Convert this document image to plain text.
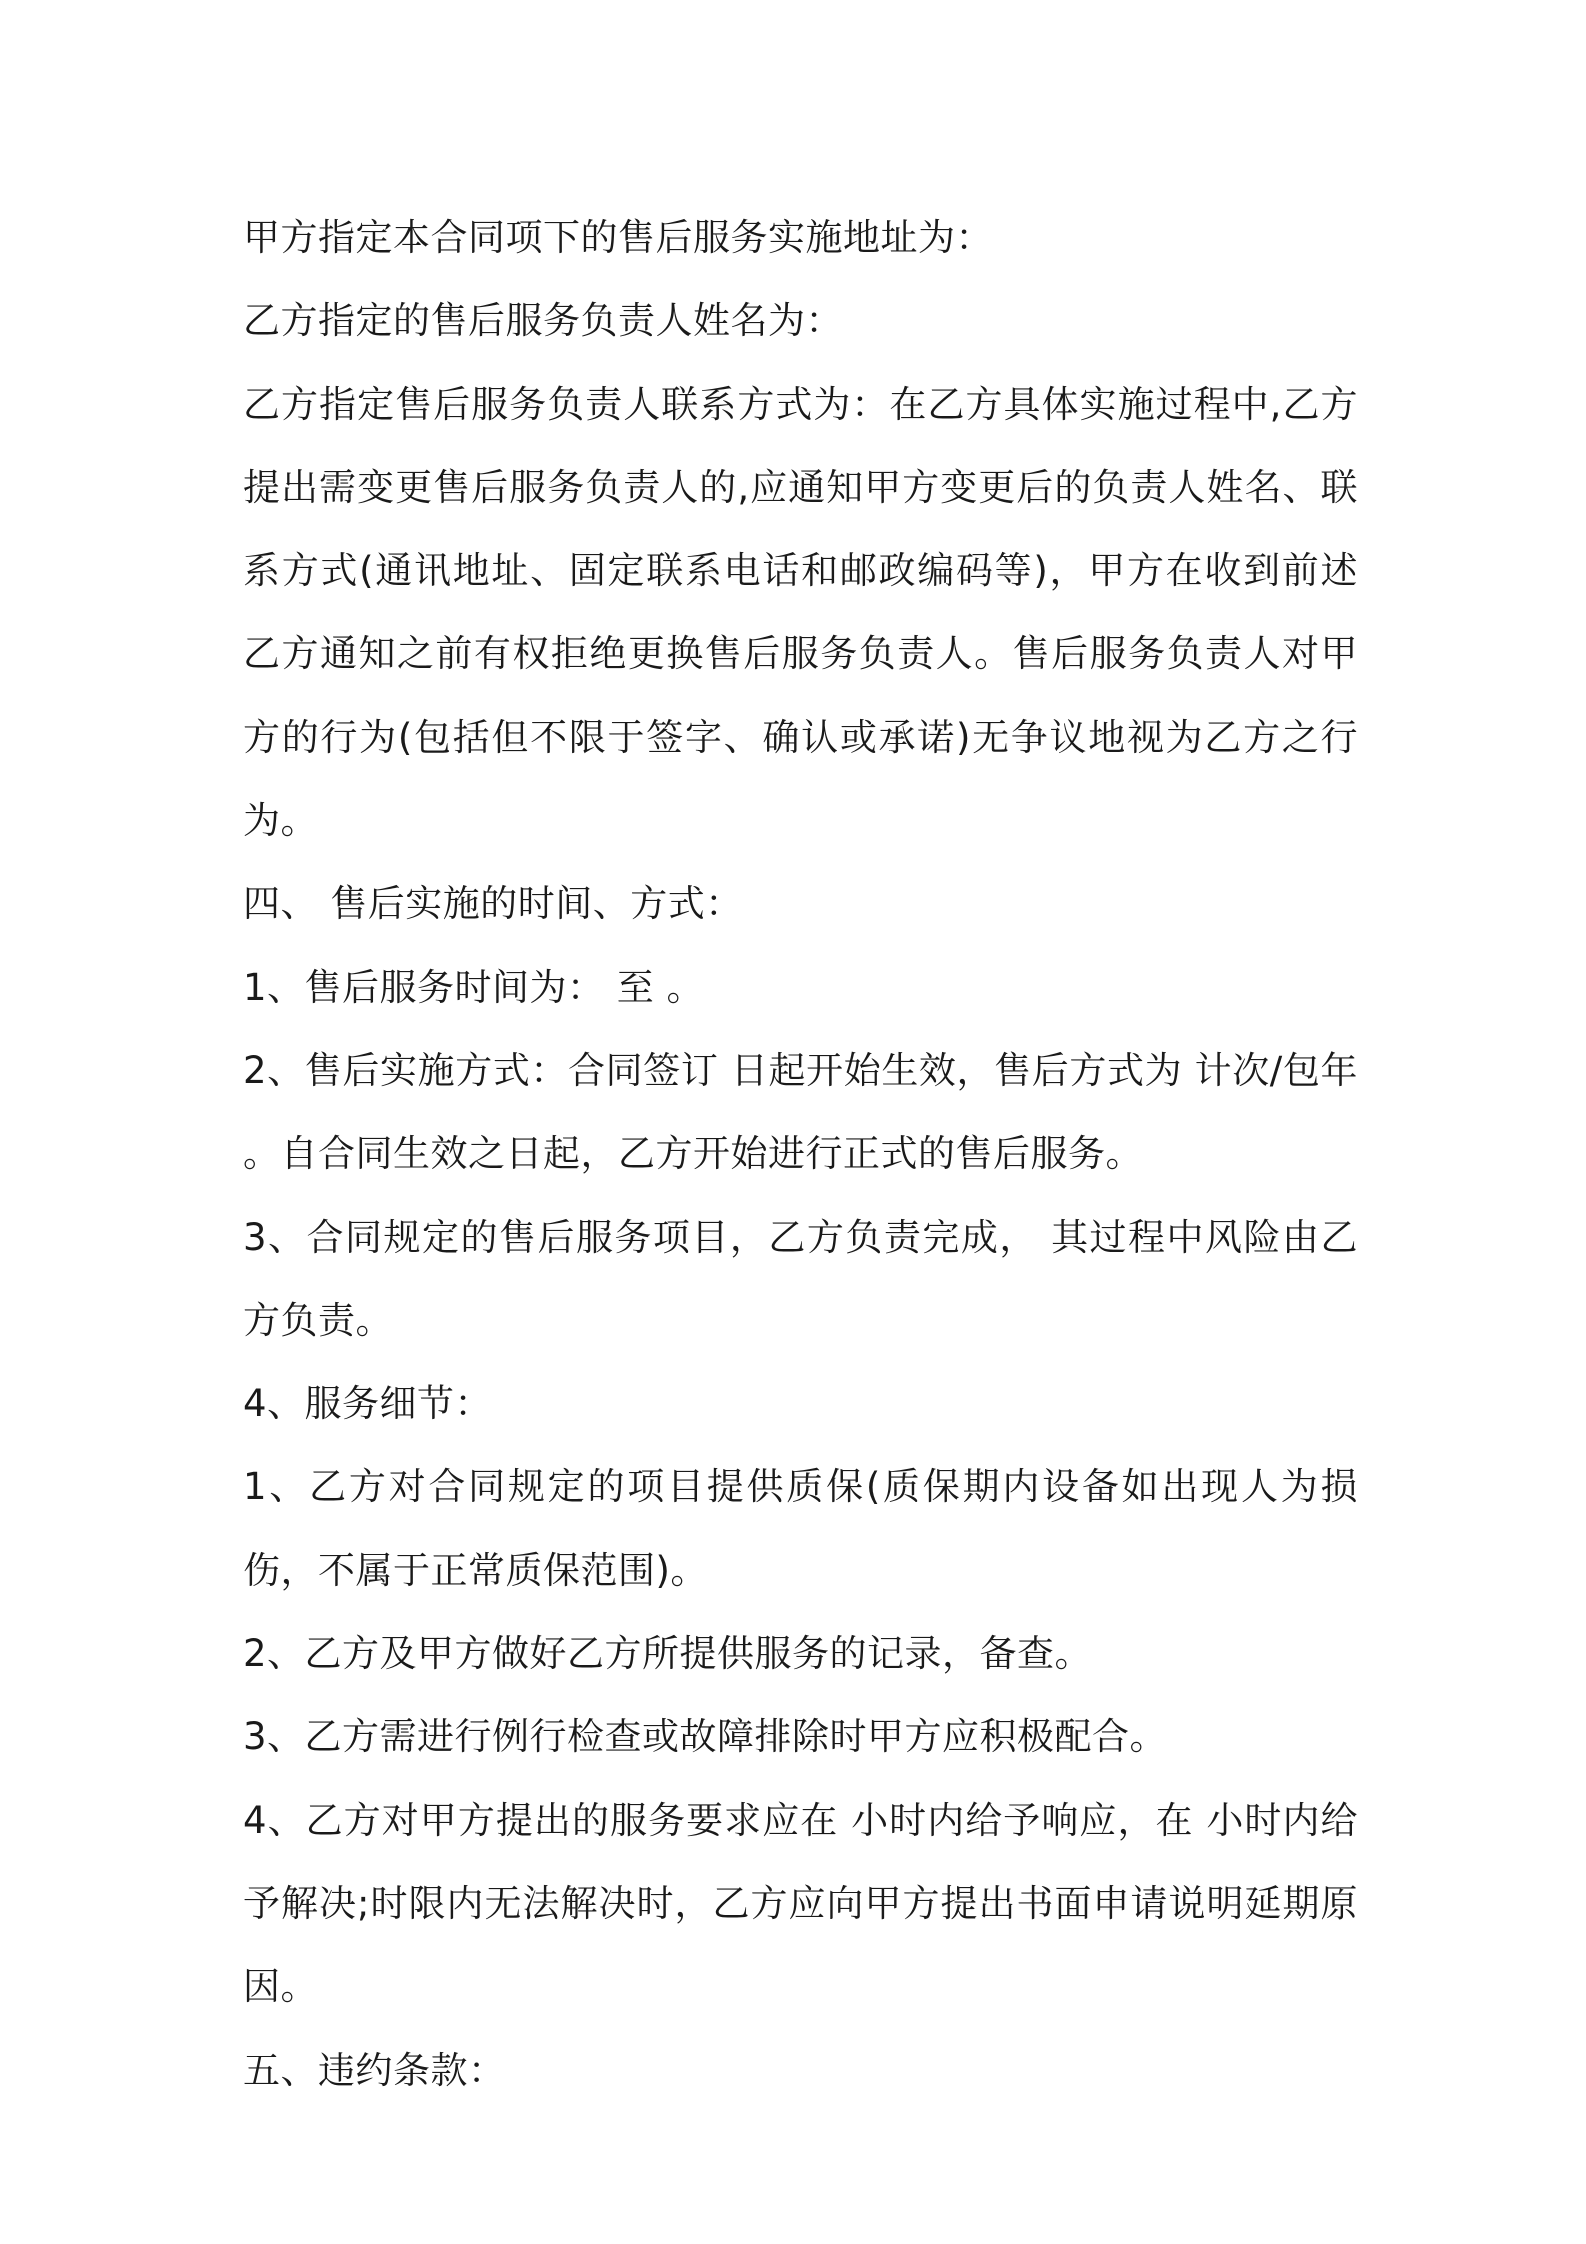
甲方指定本合同项下的售后服务实施地址为：

乙方指定的售后服务负责人姓名为：

乙方指定售后服务负责人联系方式为：在乙方具体实施过程中,乙方提出需变更售后服务负责人的,应通知甲方变更后的负责人姓名、联系方式(通讯地址、固定联系电话和邮政编码等)，甲方在收到前述乙方通知之前有权拒绝更换售后服务负责人。售后服务负责人对甲方的行为(包括但不限于签字、确认或承诺)无争议地视为乙方之行为。

四、 售后实施的时间、方式：

1、售后服务时间为： 至 。

2、售后实施方式：合同签订 日起开始生效，售后方式为 计次/包年 。自合同生效之日起，乙方开始进行正式的售后服务。

3、合同规定的售后服务项目，乙方负责完成， 其过程中风险由乙方负责。

4、服务细节：

1、乙方对合同规定的项目提供质保(质保期内设备如出现人为损伤，不属于正常质保范围)。

2、乙方及甲方做好乙方所提供服务的记录，备查。

3、乙方需进行例行检查或故障排除时甲方应积极配合。

4、乙方对甲方提出的服务要求应在 小时内给予响应，在 小时内给予解决;时限内无法解决时，乙方应向甲方提出书面申请说明延期原因。

五、违约条款：
